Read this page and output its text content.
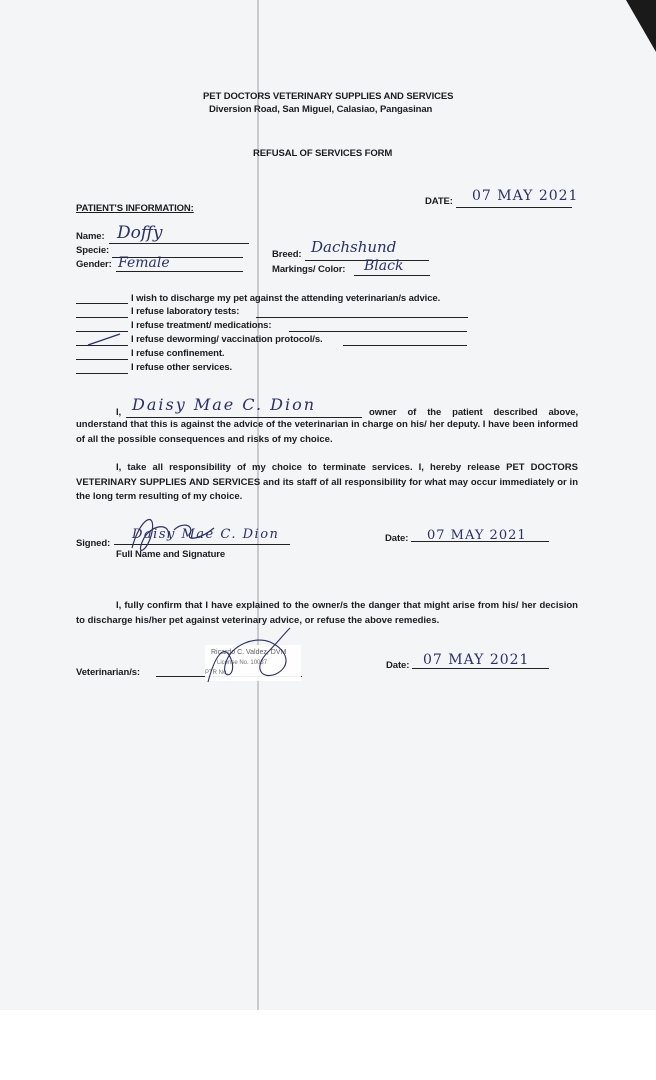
PET DOCTORS VETERINARY SUPPLIES AND SERVICES
Diversion Road, San Miguel, Calasiao, Pangasinan
REFUSAL OF SERVICES FORM
DATE: 07 MAY 2021
PATIENT'S INFORMATION:
Name: Doffy
Specie:
Gender: Female
Breed: Dachshund
Markings/ Color: Black
I wish to discharge my pet against the attending veterinarian/s advice.
I refuse laboratory tests:
I refuse treatment/ medications:
I refuse deworming/ vaccination protocol/s.
I refuse confinement.
I refuse other services.
I, Daisy Mae C. Dion	owner of the patient described above,
understand that this is against the advice of the veterinarian in charge on his/ her deputy. I have been informed of all the possible consequences and risks of my choice.
I, take all responsibility of my choice to terminate services. I, hereby release PET DOCTORS VETERINARY SUPPLIES AND SERVICES and its staff of all responsibility for what may occur immediately or in the long term resulting of my choice.
Signed:
Daisy Mae C. Dion
Full Name and Signature
Date: 07 MAY 2021
I, fully confirm that I have explained to the owner/s the danger that might arise from his/ her decision to discharge his/her pet against veterinary advice, or refuse the above remedies.
Veterinarian/s:
Ricardo C. Valdez, DVM
License No. 10037
PTR No.
Date: 07 MAY 2021
